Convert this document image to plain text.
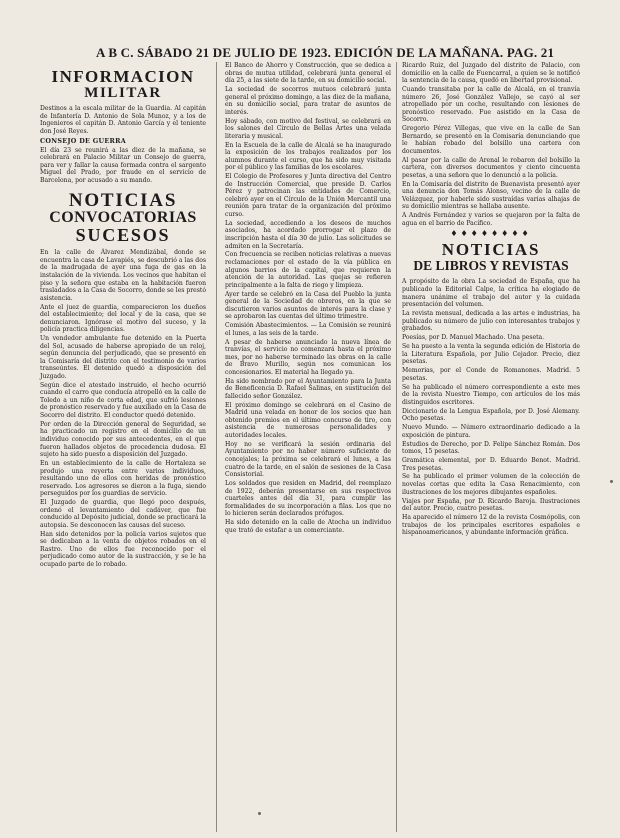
A B C. SÁBADO 21 DE JULIO DE 1923. EDICIÓN DE LA MAÑANA. PAG. 21
INFORMACION
MILITAR

Destinos a la escala militar de la Guardia. Al capitán de Infantería D. Antonio de Sola Munoz, y a los de Ingenieros el capitán D. Antonio García y el teniente don José Reyes.

CONSEJO DE GUERRA

El día 23 se reunirá a las diez de la mañana, se celebrará en Palacio Militar un Consejo de guerra, para ver y fallar la causa formada contra el sargento Miguel del Prado, por fraude en el servicio de Barcelona, por acusado a su mando.

NOTICIAS
CONVOCATORIAS
SUCESOS

En la calle de Álvarez Mendizábal, donde se encuentra la casa de Lavapiés, se descubrió a las dos de la madrugada de ayer una fuga de gas en la instalación de la vivienda. Los vecinos que habitan el piso y la señora que estaba en la habitación fueron trasladados a la Casa de Socorro, donde se les prestó asistencia.

Ante el juez de guardia, comparecieron los dueños del establecimiento; del local y de la casa, que se denunciaron. Ignórase el motivo del suceso, y la policía practica diligencias.

Un vendedor ambulante fue detenido en la Puerta del Sol, acusado de haberse apropiado de un reloj, según denuncia del perjudicado, que se presentó en la Comisaría del distrito con el testimonio de varios transeúntes. El detenido quedó a disposición del Juzgado.

Según dice el atestado instruido, el hecho ocurrió cuando el carro que conducía atropelló en la calle de Toledo a un niño de corta edad, que sufrió lesiones de pronóstico reservado y fue auxiliado en la Casa de Socorro del distrito. El conductor quedó detenido.

Por orden de la Dirección general de Seguridad, se ha practicado un registro en el domicilio de un individuo conocido por sus antecedentes, en el que fueron hallados objetos de procedencia dudosa. El sujeto ha sido puesto a disposición del Juzgado.

En un establecimiento de la calle de Hortaleza se produjo una reyerta entre varios individuos, resultando uno de ellos con heridas de pronóstico reservado. Los agresores se dieron a la fuga, siendo perseguidos por los guardias de servicio.

El Juzgado de guardia, que llegó poco después, ordenó el levantamiento del cadáver, que fue conducido al Depósito judicial, donde se practicará la autopsia. Se desconocen las causas del suceso.

Han sido detenidos por la policía varios sujetos que se dedicaban a la venta de objetos robados en el Rastro. Uno de ellos fue reconocido por el perjudicado como autor de la sustracción, y se le ha ocupado parte de lo robado.

El Banco de Ahorro y Construcción, que se dedica a obras de mutua utilidad, celebrará junta general el día 25, a las siete de la tarde, en su domicilio social.

La sociedad de socorros mutuos celebrará junta general el próximo domingo, a las diez de la mañana, en su domicilio social, para tratar de asuntos de interés.

Hoy sábado, con motivo del festival, se celebrará en los salones del Círculo de Bellas Artes una velada literaria y musical.

En la Escuela de la calle de Alcalá se ha inaugurado la exposición de los trabajos realizados por los alumnos durante el curso, que ha sido muy visitada por el público y las familias de los escolares.

El Colegio de Profesores y Junta directiva del Centro de Instrucción Comercial, que preside D. Carlos Pérez y patrocinan las entidades de Comercio, celebró ayer en el Círculo de la Unión Mercantil una reunión para tratar de la organización del próximo curso.

La sociedad, accediendo a los deseos de muchos asociados, ha acordado prorrogar el plazo de inscripción hasta el día 30 de julio. Las solicitudes se admiten en la Secretaría.

Con frecuencia se reciben noticias relativas a nuevas reclamaciones por el estado de la vía pública en algunos barrios de la capital, que requieren la atención de la autoridad. Las quejas se refieren principalmente a la falta de riego y limpieza.

Ayer tarde se celebró en la Casa del Pueblo la junta general de la Sociedad de obreros, en la que se discutieron varios asuntos de interés para la clase y se aprobaron las cuentas del último trimestre.

Comisión Abastecimientos. — La Comisión se reunirá el lunes, a las seis de la tarde.

A pesar de haberse anunciado la nueva línea de tranvías, el servicio no comenzará hasta el próximo mes, por no haberse terminado las obras en la calle de Bravo Murillo, según nos comunican los concesionarios. El material ha llegado ya.

Ha sido nombrado por el Ayuntamiento para la Junta de Beneficencia D. Rafael Salinas, en sustitución del fallecido señor González.

El próximo domingo se celebrará en el Casino de Madrid una velada en honor de los socios que han obtenido premios en el último concurso de tiro, con asistencia de numerosas personalidades y autoridades locales.

Hoy no se verificará la sesión ordinaria del Ayuntamiento por no haber número suficiente de concejales; la próxima se celebrará el lunes, a las cuatro de la tarde, en el salón de sesiones de la Casa Consistorial.

Los soldados que residen en Madrid, del reemplazo de 1922, deberán presentarse en sus respectivos cuarteles antes del día 31, para cumplir las formalidades de su incorporación a filas. Los que no lo hicieren serán declarados prófugos.

Ha sido detenido en la calle de Atocha un individuo que trató de estafar a un comerciante.

Ricardo Ruiz, del Juzgado del distrito de Palacio, con domicilio en la calle de Fuencarral, a quien se le notificó la sentencia de la causa, quedó en libertad provisional.

Cuando transitaba por la calle de Alcalá, en el tranvía número 26, José González Vallejo, se cayó al ser atropellado por un coche, resultando con lesiones de pronóstico reservado. Fue asistido en la Casa de Socorro.

Gregorio Pérez Villegas, que vive en la calle de San Bernardo, se presentó en la Comisaría denunciando que le habían robado del bolsillo una cartera con documentos.

Al pasar por la calle de Arenal le robaron del bolsillo la cartera, con diversos documentos y ciento cincuenta pesetas, a una señora que lo denunció a la policía.

En la Comisaría del distrito de Buenavista presentó ayer una denuncia don Tomás Alonso, vecino de la calle de Velázquez, por haberle sido sustraídas varias alhajas de su domicilio mientras se hallaba ausente.

A Andrés Fernández y varios se quejaron por la falta de agua en el barrio de Pacífico.

♦♦♦♦♦♦♦♦
NOTICIAS
DE LIBROS Y REVISTAS

A propósito de la obra La sociedad de España, que ha publicado la Editorial Calpe, la crítica ha elogiado de manera unánime el trabajo del autor y la cuidada presentación del volumen.

La revista mensual, dedicada a las artes e industrias, ha publicado su número de julio con interesantes trabajos y grabados.

Poesías, por D. Manuel Machado. Una peseta.

Se ha puesto a la venta la segunda edición de Historia de la Literatura Española, por Julio Cejador. Precio, diez pesetas.

Memorias, por el Conde de Romanones. Madrid. 5 pesetas.

Se ha publicado el número correspondiente a este mes de la revista Nuestro Tiempo, con artículos de los más distinguidos escritores.

Diccionario de la Lengua Española, por D. José Alemany. Ocho pesetas.

Nuevo Mundo. — Número extraordinario dedicado a la exposición de pintura.

Estudios de Derecho, por D. Felipe Sánchez Román. Dos tomos, 15 pesetas.

Gramática elemental, por D. Eduardo Benot. Madrid. Tres pesetas.

Se ha publicado el primer volumen de la colección de novelas cortas que edita la Casa Renacimiento, con ilustraciones de los mejores dibujantes españoles.

Viajes por España, por D. Ricardo Baroja. Ilustraciones del autor. Precio, cuatro pesetas.

Ha aparecido el número 12 de la revista Cosmópolis, con trabajos de los principales escritores españoles e hispanoamericanos, y abundante información gráfica.
